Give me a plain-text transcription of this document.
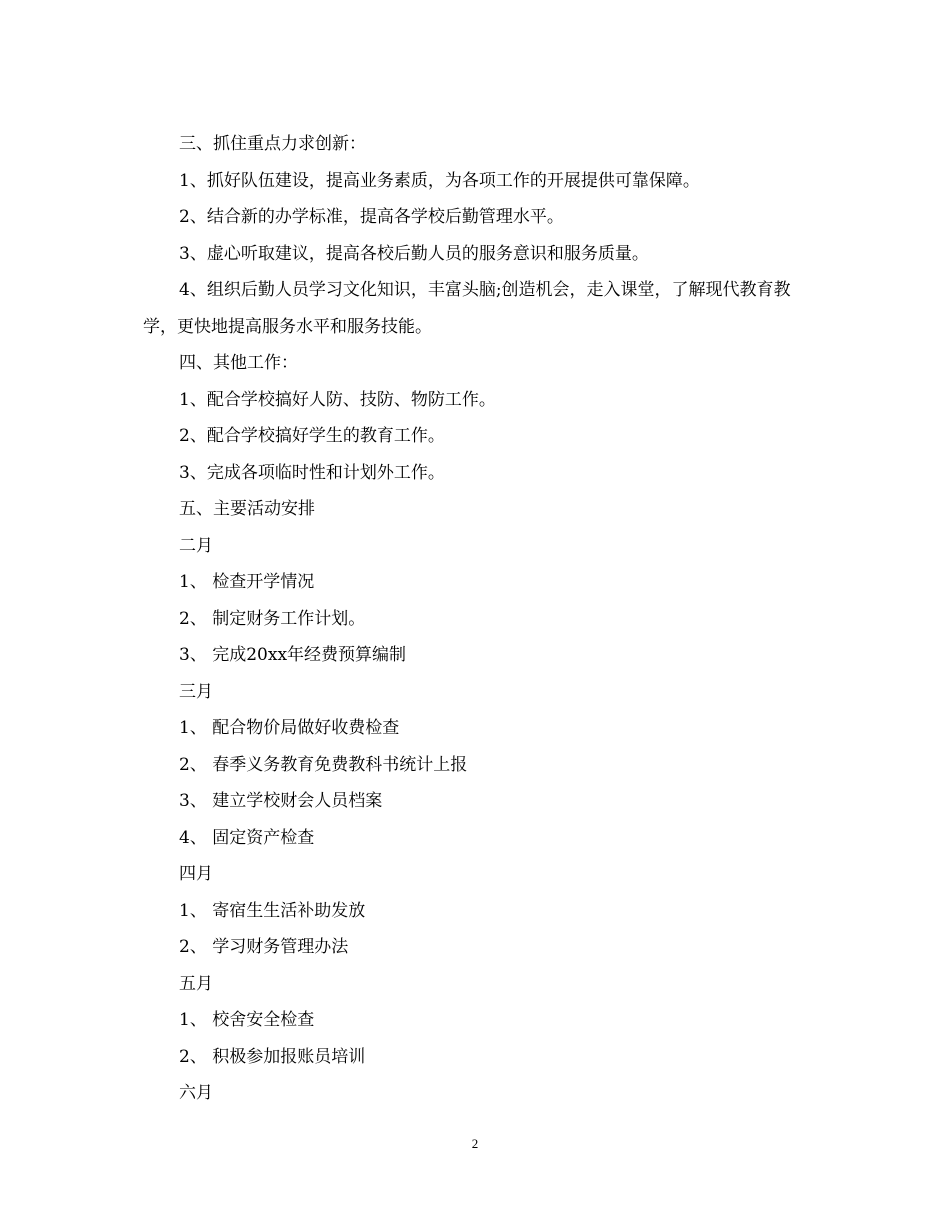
三、抓住重点力求创新：

1、抓好队伍建设，提高业务素质，为各项工作的开展提供可靠保障。

2、结合新的办学标准，提高各学校后勤管理水平。

3、虚心听取建议，提高各校后勤人员的服务意识和服务质量。

4、组织后勤人员学习文化知识，丰富头脑;创造机会，走入课堂，了解现代教育教学，更快地提高服务水平和服务技能。

四、其他工作：

1、配合学校搞好人防、技防、物防工作。

2、配合学校搞好学生的教育工作。

3、完成各项临时性和计划外工作。

五、主要活动安排

二月

1、 检查开学情况

2、 制定财务工作计划。

3、 完成20xx年经费预算编制

三月

1、 配合物价局做好收费检查

2、 春季义务教育免费教科书统计上报

3、 建立学校财会人员档案

4、 固定资产检查

四月

1、 寄宿生生活补助发放

2、 学习财务管理办法

五月

1、 校舍安全检查

2、 积极参加报账员培训

六月

2
